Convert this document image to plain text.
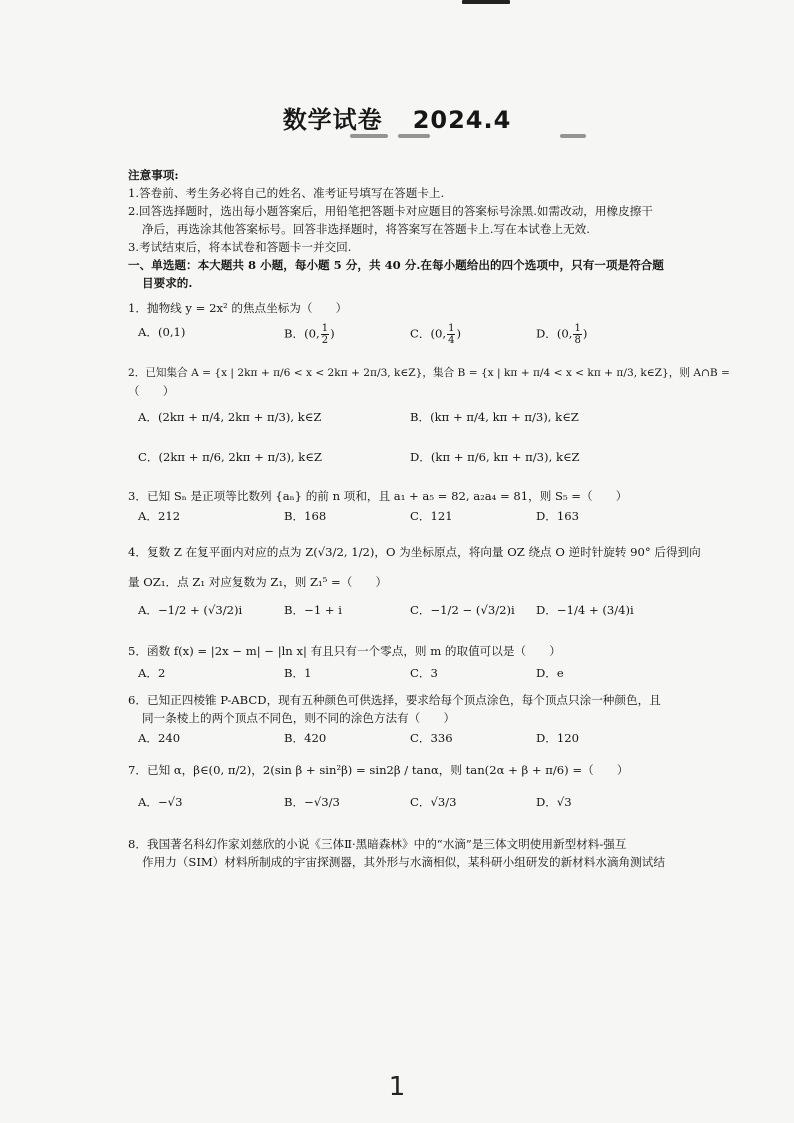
数学试卷 2024.4
注意事项:
1.答卷前、考生务必将自己的姓名、准考证号填写在答题卡上.
2.回答选择题时，选出每小题答案后，用铅笔把答题卡对应题目的答案标号涂黑.如需改动，用橡皮擦干
净后，再选涂其他答案标号。回答非选择题时，将答案写在答题卡上.写在本试卷上无效.
3.考试结束后，将本试卷和答题卡一并交回.
一、单选题：本大题共 8 小题，每小题 5 分，共 40 分.在每小题给出的四个选项中，只有一项是符合题
目要求的.
1．抛物线 y = 2x² 的焦点坐标为（　　）
A．(0,1)	B．(0, $\frac{1}{2}$ )	C．(0, $\frac{1}{4}$ )	D．(0, $\frac{1}{8}$ )
2．已知集合 A = {x | 2kπ + π/6 < x < 2kπ + 2π/3, k∈Z}，集合 B = {x | kπ + π/4 < x < kπ + π/3, k∈Z}，则 A∩B =
（　　）
A．(2kπ + π/4, 2kπ + π/3), k∈Z	B．(kπ + π/4, kπ + π/3), k∈Z
C．(2kπ + π/6, 2kπ + π/3), k∈Z	D．(kπ + π/6, kπ + π/3), k∈Z
3．已知 Sₙ 是正项等比数列 {aₙ} 的前 n 项和，且 a₁ + a₅ = 82, a₂a₄ = 81，则 S₅ =（　　）
A．212	B．168	C．121	D．163
4．复数 Z 在复平面内对应的点为 Z(√3/2, 1/2)，O 为坐标原点，将向量 OZ 绕点 O 逆时针旋转 90° 后得到向
量 OZ₁．点 Z₁ 对应复数为 Z₁，则 Z₁⁵ =（　　）
A．−1/2 + (√3/2)i	B．−1 + i	C．−1/2 − (√3/2)i D．−1/4 + (3/4)i
5．函数 f(x) = |2x − m| − |ln x| 有且只有一个零点，则 m 的取值可以是（　　）
A．2	B．1	C．3	D．e
6．已知正四棱锥 P-ABCD，现有五种颜色可供选择，要求给每个顶点涂色，每个顶点只涂一种颜色，且
同一条棱上的两个顶点不同色，则不同的涂色方法有（　　）
A．240	B．420	C．336	D．120
7．已知 α，β∈(0, π/2)，2(sin β + sin²β) = sin2β / tanα，则 tan(2α + β + π/6) =（　　）
A．−√3	B．−√3/3	C．√3/3	D．√3
8．我国著名科幻作家刘慈欣的小说《三体Ⅱ·黑暗森林》中的“水滴”是三体文明使用新型材料-强互
作用力（SIM）材料所制成的宇宙探测器，其外形与水滴相似，某科研小组研发的新材料水滴角测试结
1
